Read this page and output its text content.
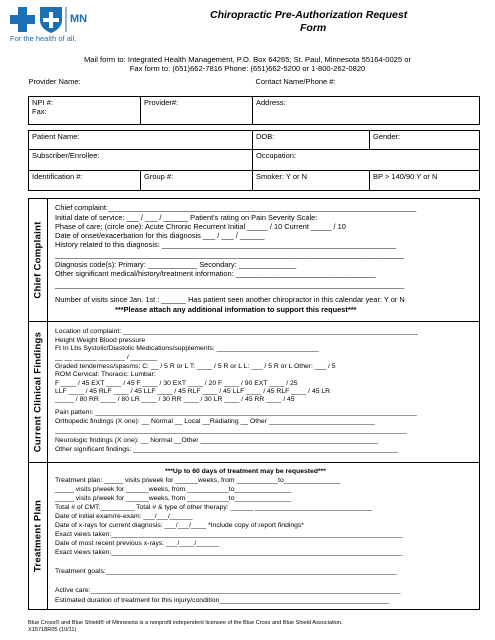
MN
For the health of all.
Chiropractic Pre-Authorization Request
Form
Mail form to: Integrated Health Management, P.O. Box 64265; St. Paul, Minnesota 55164-0025 or
Fax form to: (651)662-7816 Phone: (651)662-5200 or 1-800-262-0820
Provider Name:		Contact Name/Phone #:

NPI #:
Fax:	Provider#:	Address:
Patient Name:		DOB:	Gender:
Subscriber/Enrollee:		Occupation:	
Identification #:	Group #:	Smoker: Y or N	BP > 140/90 Y or N
Chief Complaint
Chief complaint:___________________________________________________________________________
Initial date of service: ___ / ___ / ______ Patient's rating on Pain Severity Scale:
Phase of care: (circle one): Acute Chronic Recurrent Initial _____ / 10 Current _____ / 10
Date of onset/exacerbation for this diagnosis ___ / ___ / ______
History related to this diagnosis: _________________________________________________________
_____________________________________________________________________________________
Diagnosis code(s): Primary: ____________ Secondary: ______________
Other significant medical/history/treatment information: __________________________________
_____________________________________________________________________________________
Number of visits since Jan. 1st : ______ Has patient seen another chiropractor in this calendar year: Y or N
***Please attach any additional information to support this request***
Current Clinical Findings
Location of complaint: ______________________________________________________________________________
Height Weight Blood pressure
Ft In Lbs Systolic/Diastolic Medications/supplements: ___________________________
__ __ ______ _______ / _______
Graded tenderness/spasms: C: __ / 5 R or L T: ____ / 5 R or L L: ___ / 5 R or L Other: ___ / 5
ROM Cervical: Thoracic: Lumbar:
F ____ / 45 EXT ____ / 45 F ____ / 30 EXT ____ / 20 F ____ / 90 EXT ____ / 25
LLF ____ / 45 RLF ____ / 45 LLF ____ / 45 RLF ____ / 45 LLF ____ / 45 RLF ____ / 45 LR
_____ / 80 RR ____ / 80 LR ____ / 30 RR ____ / 30 LR ____ / 45 RR ____ / 45
Pain pattern: _____________________________________________________________________________________
Orthopedic findings (X one): __ Normal __ Local __Radiating __ Other ____________________________
_____________________________________________________________________________________________
Neurologic findings (X one): __ Normal __Other _______________________________________________
Other significant findings: ______________________________________________________________________
Treatment Plan
***Up to 60 days of treatment may be requested***
Treatment plan: _____ visits p/week for ______weeks, from ___________to_______________
_____ visits p/week for ______weeks, from ___________to_______________
_____ visits p/week for ______weeks, from ___________to_______________
Total # of CMT:_________ Total # & type of other therapy: ______ _______________________________
Date of initial exam/re-exam: ___/___/______
Date of x-rays for current diagnosis: ___/___/____ *Include copy of report findings*
Exact views taken:_____________________________________________________________________________
Date of most recent previous x-rays: ___/____/______
Exact views taken:_____________________________________________________________________________
Treatment goals:_____________________________________________________________________________
Active care:__________________________________________________________________________________
Estimated duration of treatment for this injury/condition_____________________________________________
Blue Cross® and Blue Shield® of Minnesota is a nonprofit independent licensee of the Blue Cross and Blue Shield Association.
X15718R05 (10/11)
